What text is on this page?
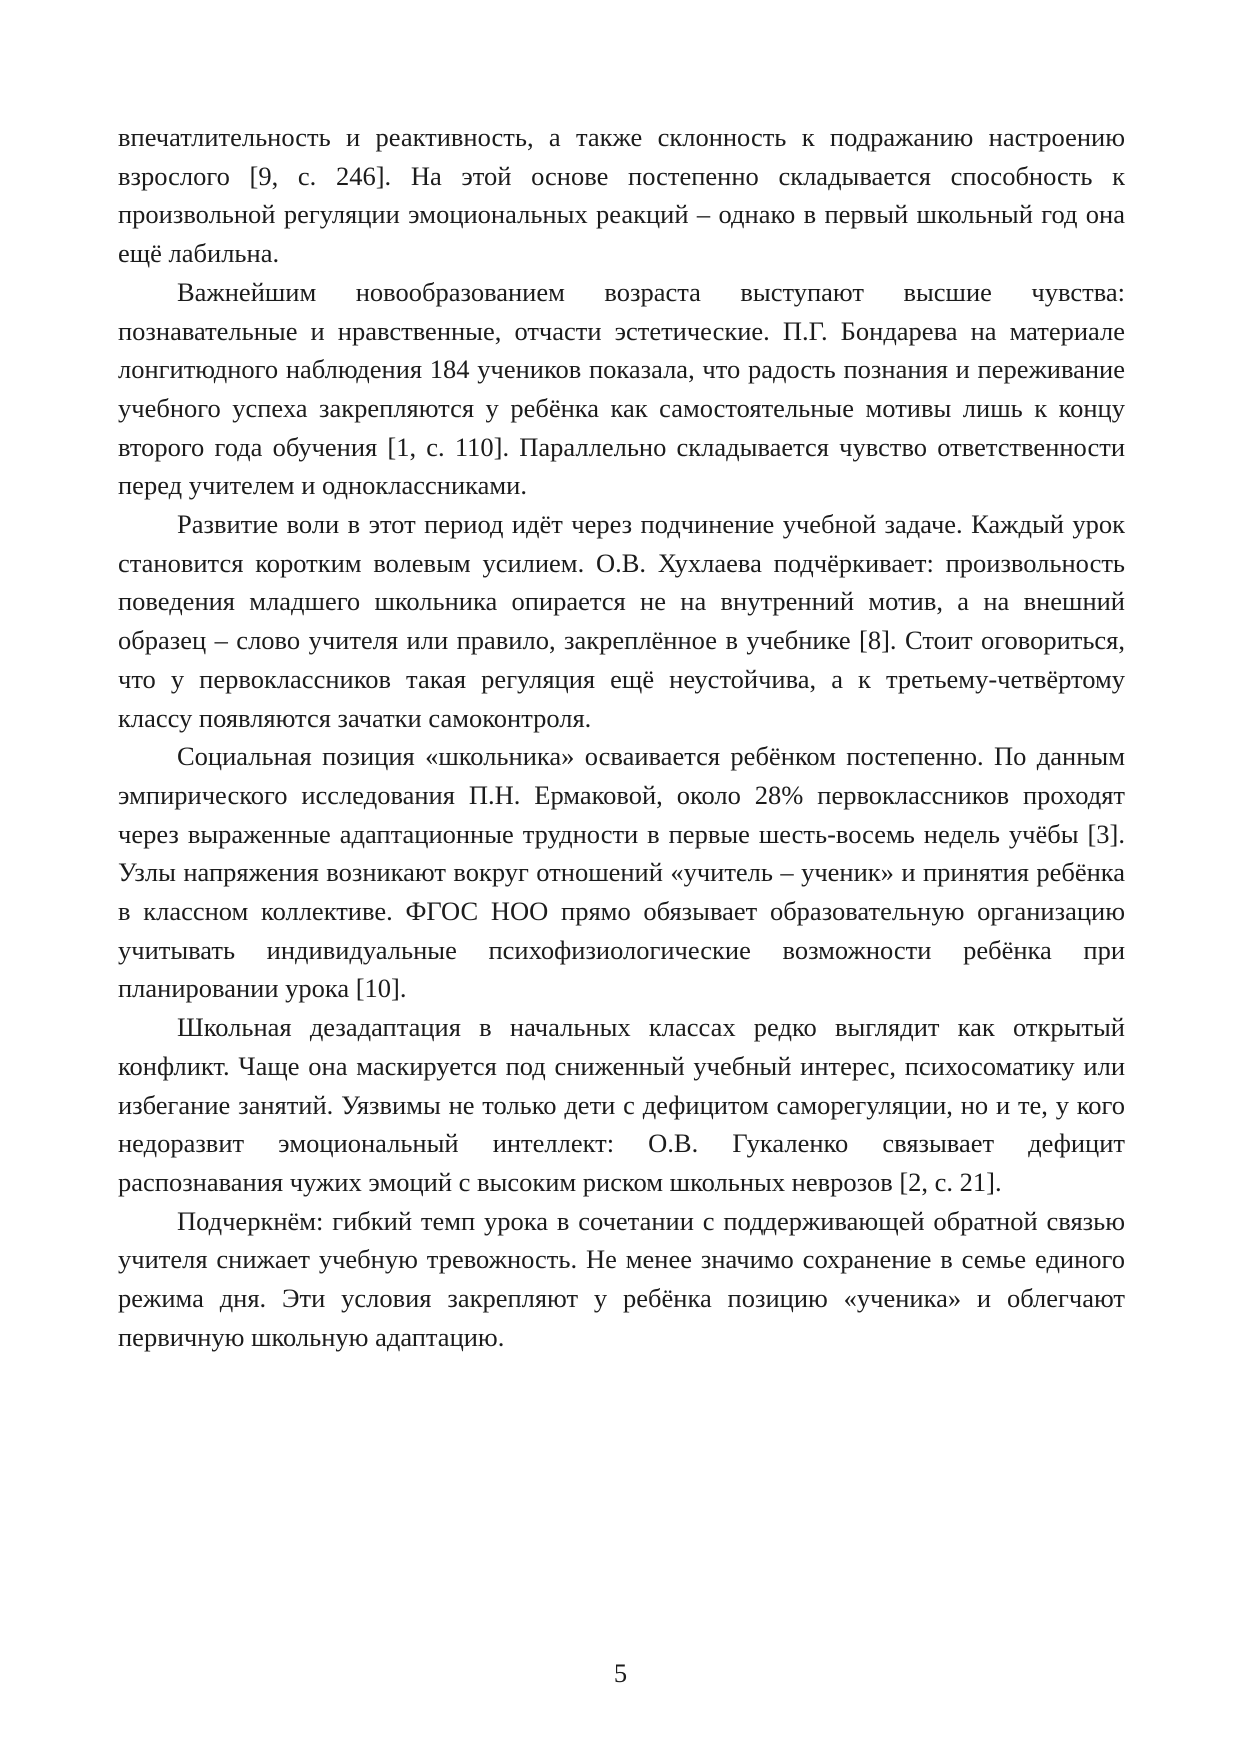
впечатлительность и реактивность, а также склонность к подражанию настроению взрослого [9, с. 246]. На этой основе постепенно складывается способность к произвольной регуляции эмоциональных реакций – однако в первый школьный год она ещё лабильна.

Важнейшим новообразованием возраста выступают высшие чувства: познавательные и нравственные, отчасти эстетические. П.Г. Бондарева на материале лонгитюдного наблюдения 184 учеников показала, что радость познания и переживание учебного успеха закрепляются у ребёнка как самостоятельные мотивы лишь к концу второго года обучения [1, с. 110]. Параллельно складывается чувство ответственности перед учителем и одноклассниками.

Развитие воли в этот период идёт через подчинение учебной задаче. Каждый урок становится коротким волевым усилием. О.В. Хухлаева подчёркивает: произвольность поведения младшего школьника опирается не на внутренний мотив, а на внешний образец – слово учителя или правило, закреплённое в учебнике [8]. Стоит оговориться, что у первоклассников такая регуляция ещё неустойчива, а к третьему-четвёртому классу появляются зачатки самоконтроля.

Социальная позиция «школьника» осваивается ребёнком постепенно. По данным эмпирического исследования П.Н. Ермаковой, около 28% первоклассников проходят через выраженные адаптационные трудности в первые шесть-восемь недель учёбы [3]. Узлы напряжения возникают вокруг отношений «учитель – ученик» и принятия ребёнка в классном коллективе. ФГОС НОО прямо обязывает образовательную организацию учитывать индивидуальные психофизиологические возможности ребёнка при планировании урока [10].

Школьная дезадаптация в начальных классах редко выглядит как открытый конфликт. Чаще она маскируется под сниженный учебный интерес, психосоматику или избегание занятий. Уязвимы не только дети с дефицитом саморегуляции, но и те, у кого недоразвит эмоциональный интеллект: О.В. Гукаленко связывает дефицит распознавания чужих эмоций с высоким риском школьных неврозов [2, с. 21].

Подчеркнём: гибкий темп урока в сочетании с поддерживающей обратной связью учителя снижает учебную тревожность. Не менее значимо сохранение в семье единого режима дня. Эти условия закрепляют у ребёнка позицию «ученика» и облегчают первичную школьную адаптацию.

5
